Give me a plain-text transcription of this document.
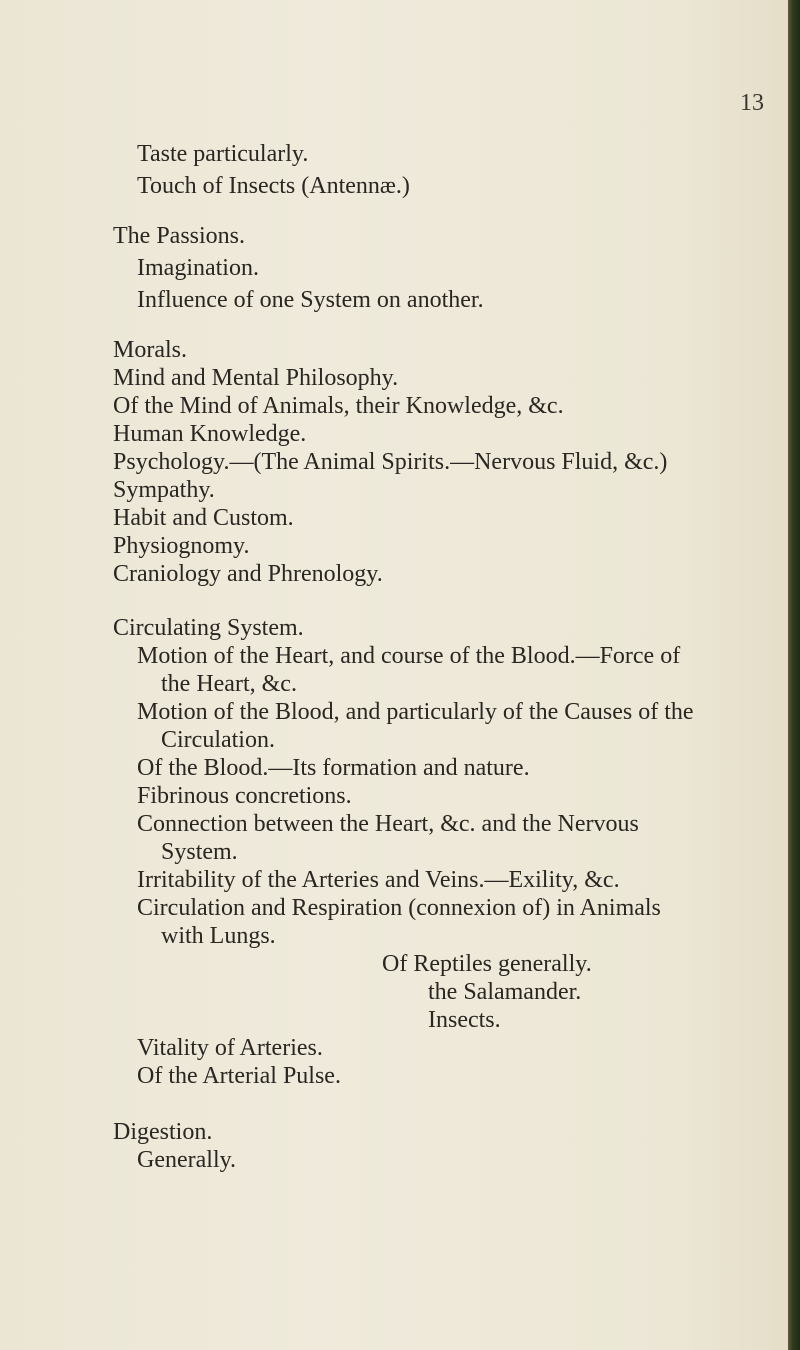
13
Taste particularly.
Touch of Insects (Antennæ.)
The Passions.
Imagination.
Influence of one System on another.
Morals.
Mind and Mental Philosophy.
Of the Mind of Animals, their Knowledge, &c.
Human Knowledge.
Psychology.—(The Animal Spirits.—Nervous Fluid, &c.)
Sympathy.
Habit and Custom.
Physiognomy.
Craniology and Phrenology.
Circulating System.
Motion of the Heart, and course of the Blood.—Force of
the Heart, &c.
Motion of the Blood, and particularly of the Causes of the
Circulation.
Of the Blood.—Its formation and nature.
Fibrinous concretions.
Connection between the Heart, &c. and the Nervous
System.
Irritability of the Arteries and Veins.—Exility, &c.
Circulation and Respiration (connexion of) in Animals
with Lungs.
Of Reptiles generally.
the Salamander.
Insects.
Vitality of Arteries.
Of the Arterial Pulse.
Digestion.
Generally.
